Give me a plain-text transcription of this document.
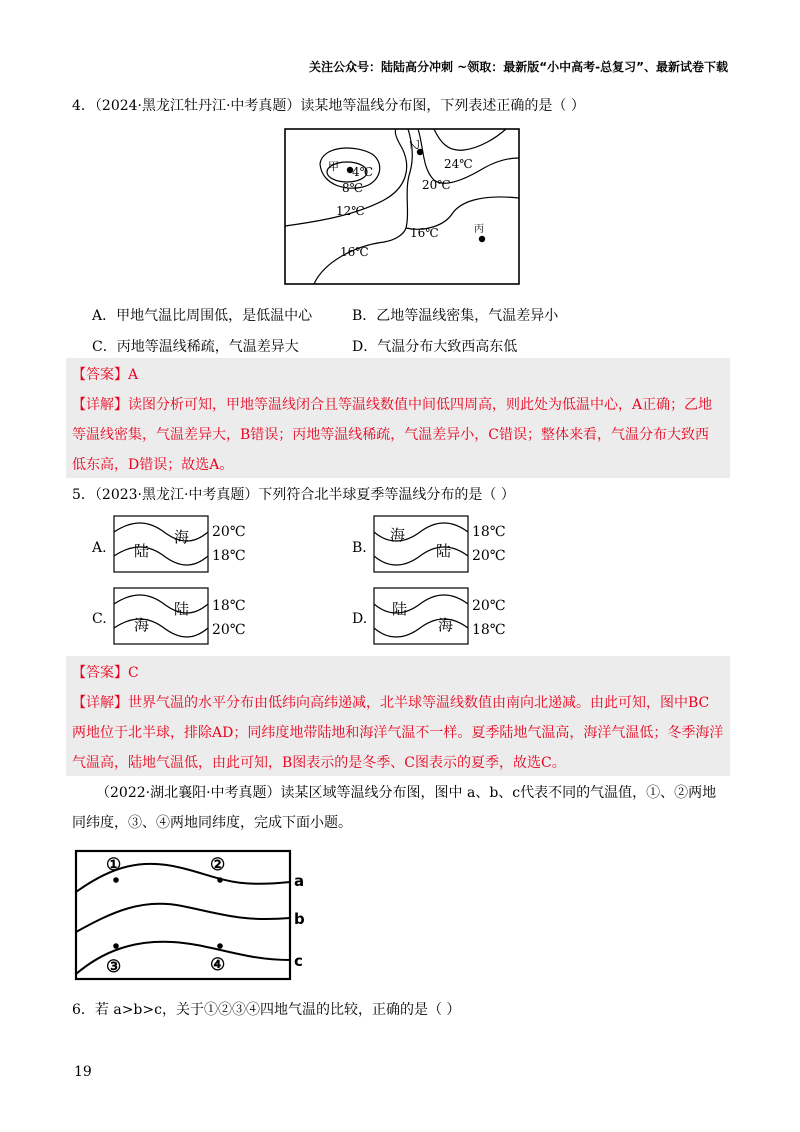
关注公众号：陆陆高分冲刺 ~领取：最新版“小中高考-总复习”、最新试卷下载
4．（2024·黑龙江牡丹江·中考真题）读某地等温线分布图，下列表述正确的是（ ）
甲
乙
丙
4℃
8℃
12℃
16℃
16℃
20℃
24℃
A．甲地气温比周围低，是低温中心	B．乙地等温线密集，气温差异小
C．丙地等温线稀疏，气温差异大	D．气温分布大致西高东低
【答案】A
【详解】读图分析可知，甲地等温线闭合且等温线数值中间低四周高，则此处为低温中心，A正确；乙地
等温线密集，气温差异大，B错误；丙地等温线稀疏，气温差异小，C错误；整体来看，气温分布大致西
低东高，D错误；故选A。
5．（2023·黑龙江·中考真题）下列符合北半球夏季等温线分布的是（ ）
A.
海
陆
20℃
18℃	B.
海
陆
18℃
20℃
C.
陆
海
18℃
20℃
D.
陆
海
20℃
18℃
【答案】C
【详解】世界气温的水平分布由低纬向高纬递减，北半球等温线数值由南向北递减。由此可知，图中BC
两地位于北半球，排除AD；同纬度地带陆地和海洋气温不一样。夏季陆地气温高，海洋气温低；冬季海洋
气温高，陆地气温低，由此可知，B图表示的是冬季、C图表示的夏季，故选C。
（2022·湖北襄阳·中考真题）读某区域等温线分布图，图中 a、b、c代表不同的气温值，①、②两地
同纬度，③、④两地同纬度，完成下面小题。
①	②
③	④
a
b
c
6．若 a>b>c，关于①②③④四地气温的比较，正确的是（ ）
19
